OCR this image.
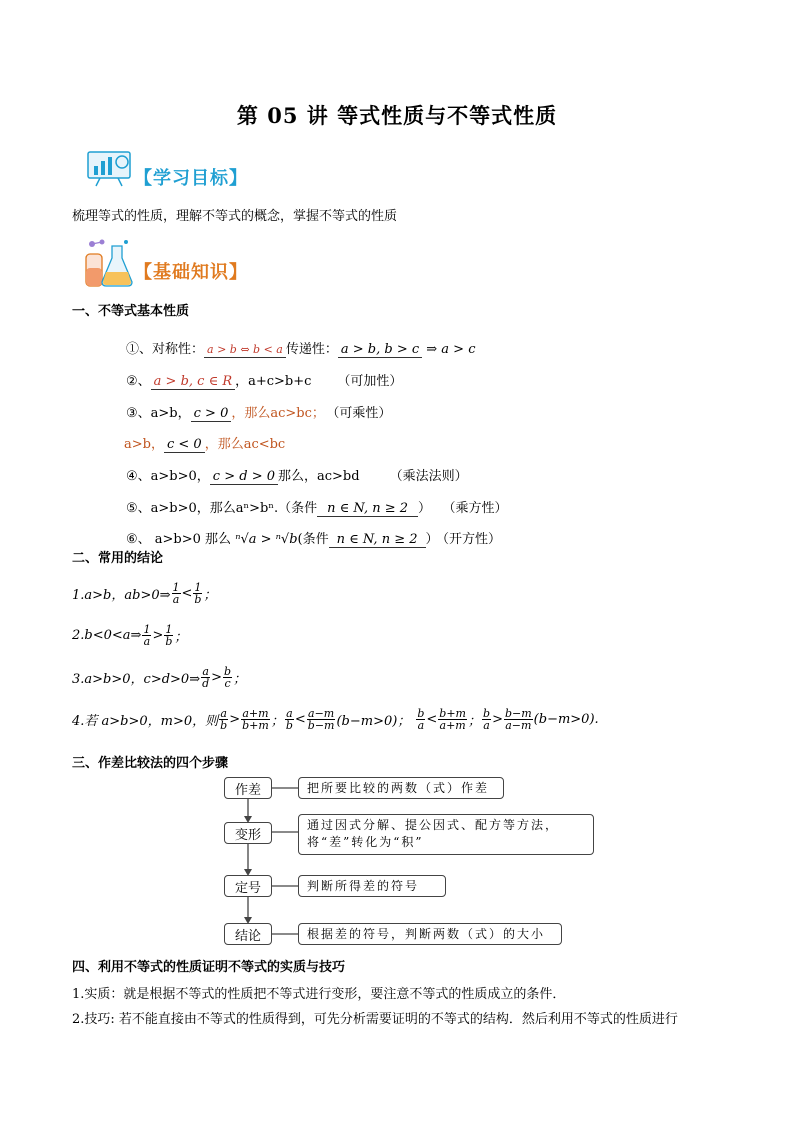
第 05 讲 等式性质与不等式性质
【学习目标】
梳理等式的性质，理解不等式的概念，掌握不等式的性质
【基础知识】
一、不等式基本性质
①、对称性： a > b ⇔ b < a 传递性： a > b, b > c ⇒ a > c
②、 a > b, c ∈ R ，a+c>b+c （可加性）
③、a>b， c > 0 ，那么ac>bc； （可乘性）
a>b， c < 0 ，那么ac<bc
④、a>b>0， c > d > 0 那么，ac>bd （乘法法则）
⑤、a>b>0，那么aⁿ>bⁿ.（条件 n ∈ N, n ≥ 2 ） （乘方性）
⑥、 a>b>0 那么 ⁿ√a > ⁿ√b(条件 n ∈ N, n ≥ 2 ） （开方性）
二、常用的结论
1.a>b，ab>0⇒ $\frac{1}{a} < \frac{1}{b}$ ；
2.b<0<a⇒ $\frac{1}{a} > \frac{1}{b}$ ；
3.a>b>0，c>d>0⇒ $\frac{a}{d} > \frac{b}{c}$ ；
4.若 a>b>0，m>0，则 $\frac{a}{b} > \frac{a+m}{b+m}$ ； $\frac{a}{b} < \frac{a-m}{b-m} (b-m>0)$； $\frac{b}{a} < \frac{b+m}{a+m}$ ； $\frac{b}{a} > \frac{b-m}{a-m} (b-m>0)$.
三、作差比较法的四个步骤
作差
变形
定号
结论
把所要比较的两数（式）作差
通过因式分解、提公因式、配方等方法，将“差”转化为“积”
判断所得差的符号
根据差的符号，判断两数（式）的大小
四、利用不等式的性质证明不等式的实质与技巧
1.实质：就是根据不等式的性质把不等式进行变形，要注意不等式的性质成立的条件．
2.技巧: 若不能直接由不等式的性质得到，可先分析需要证明的不等式的结构．然后利用不等式的性质进行
